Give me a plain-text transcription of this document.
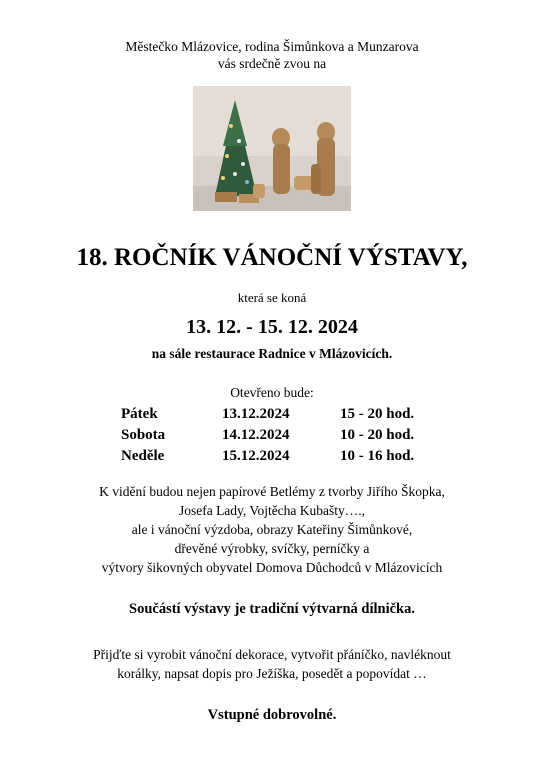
Městečko Mlázovice, rodina Šimůnkova a Munzarova
vás srdečně zvou na
18. ROČNÍK VÁNOČNÍ VÝSTAVY,
která se koná
13. 12. - 15. 12. 2024
na sále restaurace Radnice v Mlázovicích.
Otevřeno bude:
Pátek	13.12.2024	15 - 20 hod.
Sobota	14.12.2024	10 - 20 hod.
Neděle	15.12.2024	10 - 16 hod.
K vidění budou nejen papírové Betlémy z tvorby Jiřího Škopka,
Josefa Lady, Vojtěcha Kubašty….,
ale i vánoční výzdoba, obrazy Kateřiny Šimůnkové,
dřevěné výrobky, svíčky, perníčky a
výtvory šikovných obyvatel Domova Důchodců v Mlázovicích
Součástí výstavy je tradiční výtvarná dílnička.
Přijďte si vyrobit vánoční dekorace, vytvořit přáníčko, navléknout
korálky, napsat dopis pro Ježíška, posedět a popovídat …
Vstupné dobrovolné.
